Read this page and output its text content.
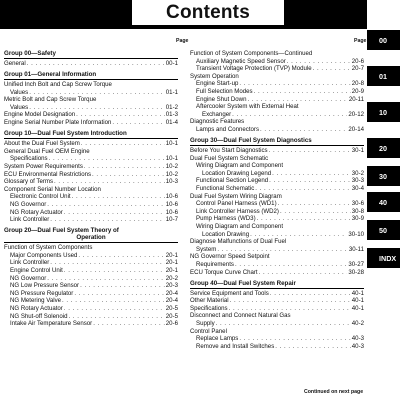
Contents
Page	Page
Group 00—Safety
General . . .	00-1
Group 01—General Information
Unified Inch Bolt and Cap Screw Torque
Values . . .	01-1
Metric Bolt and Cap Screw Torque
Values . . .	01-2
Engine Model Designation . . .	01-3
Engine Serial Number Plate Information . . .	01-4
Group 10—Dual Fuel System Introduction
About the Dual Fuel System . . .	10-1
General Dual Fuel OEM Engine
Specifications . . .	10-1
System Power Requirements . . .	10-2
ECU Environmental Restrictions . . .	10-2
Glossary of Terms . . .	10-3
Component Serial Number Location
Electronic Control Unit . . .	10-6
NG Governor . . .	10-6
NG Rotary Actuator . . .	10-6
Link Controller . . .	10-7
Group 20—Dual Fuel System Theory of
Operation
Function of System Components
Major Components Used . . .	20-1
Link Controller . . .	20-1
Engine Control Unit . . .	20-1
NG Governor . . .	20-2
NG Low Pressure Sensor . . .	20-3
NG Pressure Regulator . . .	20-4
NG Metering Valve . . .	20-4
NG Rotary Actuator . . .	20-5
NG Shut-off Solenoid . . .	20-5
Intake Air Temperature Sensor . . .	20-6
Function of System Components—Continued
Auxiliary Magnetic Speed Sensor . . .	20-6
Transient Voltage Protection (TVP) Module . . .	20-7
System Operation
Engine Start-up . . .	20-8
Full Selection Modes . . .	20-9
Engine Shut Down . . .	20-11
Aftercooler System with External Heat
Exchanger . . .	20-12
Diagnostic Features
Lamps and Connectors . . .	20-14
Group 30—Dual Fuel System Diagnostics
Before You Start Diagnostics . . .	30-1
Dual Fuel System Schematic
Wiring Diagram and Component
Location Drawing Legend . . .	30-2
Functional Section Legend . . .	30-3
Functional Schematic . . .	30-4
Dual Fuel System Wiring Diagram
Control Panel Harness (WD1) . . .	30-6
Link Controller Harness (WD2) . . .	30-8
Pump Harness (WD3) . . .	30-9
Wiring Diagram and Component
Location Drawing . . .	30-10
Diagnose Malfunctions of Dual Fuel
System . . .	30-11
NG Governor Speed Setpoint
Requirements . . .	30-27
ECU Torque Curve Chart . . .	30-28
Group 40—Dual Fuel System Repair
Service Equipment and Tools . . .	40-1
Other Material . . .	40-1
Specifications . . .	40-1
Disconnect and Connect Natural Gas
Supply . . .	40-2
Control Panel
Replace Lamps . . .	40-3
Remove and Install Switches . . .	40-3
00
01
10
20
30
40
50
INDX
Continued on next page
